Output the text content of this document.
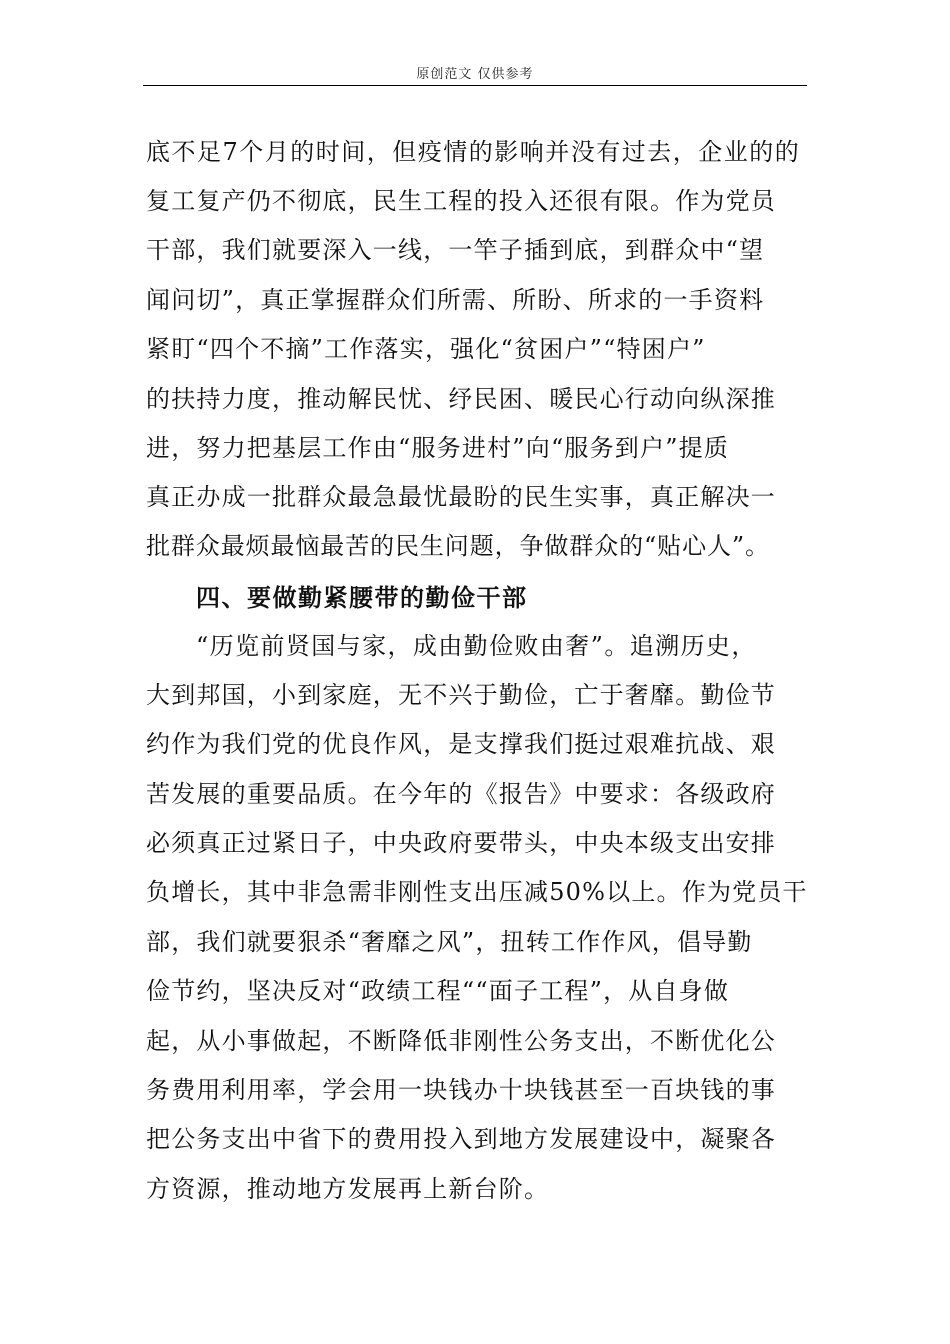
原创范文 仅供参考
底不足7个月的时间，但疫情的影响并没有过去，企业的的
复工复产仍不彻底，民生工程的投入还很有限。作为党员
干部，我们就要深入一线，一竿子插到底，到群众中“望
闻问切”，真正掌握群众们所需、所盼、所求的一手资料
紧盯“四个不摘”工作落实，强化“贫困户”“特困户”
的扶持力度，推动解民忧、纾民困、暖民心行动向纵深推
进，努力把基层工作由“服务进村”向“服务到户”提质
真正办成一批群众最急最忧最盼的民生实事，真正解决一
批群众最烦最恼最苦的民生问题，争做群众的“贴心人”。
四、要做勤紧腰带的勤俭干部
“历览前贤国与家，成由勤俭败由奢”。追溯历史，
大到邦国，小到家庭，无不兴于勤俭，亡于奢靡。勤俭节
约作为我们党的优良作风，是支撑我们挺过艰难抗战、艰
苦发展的重要品质。在今年的《报告》中要求：各级政府
必须真正过紧日子，中央政府要带头，中央本级支出安排
负增长，其中非急需非刚性支出压减50%以上。作为党员干
部，我们就要狠杀“奢靡之风”，扭转工作作风，倡导勤
俭节约，坚决反对“政绩工程““面子工程”，从自身做
起，从小事做起，不断降低非刚性公务支出，不断优化公
务费用利用率，学会用一块钱办十块钱甚至一百块钱的事
把公务支出中省下的费用投入到地方发展建设中，凝聚各
方资源，推动地方发展再上新台阶。
